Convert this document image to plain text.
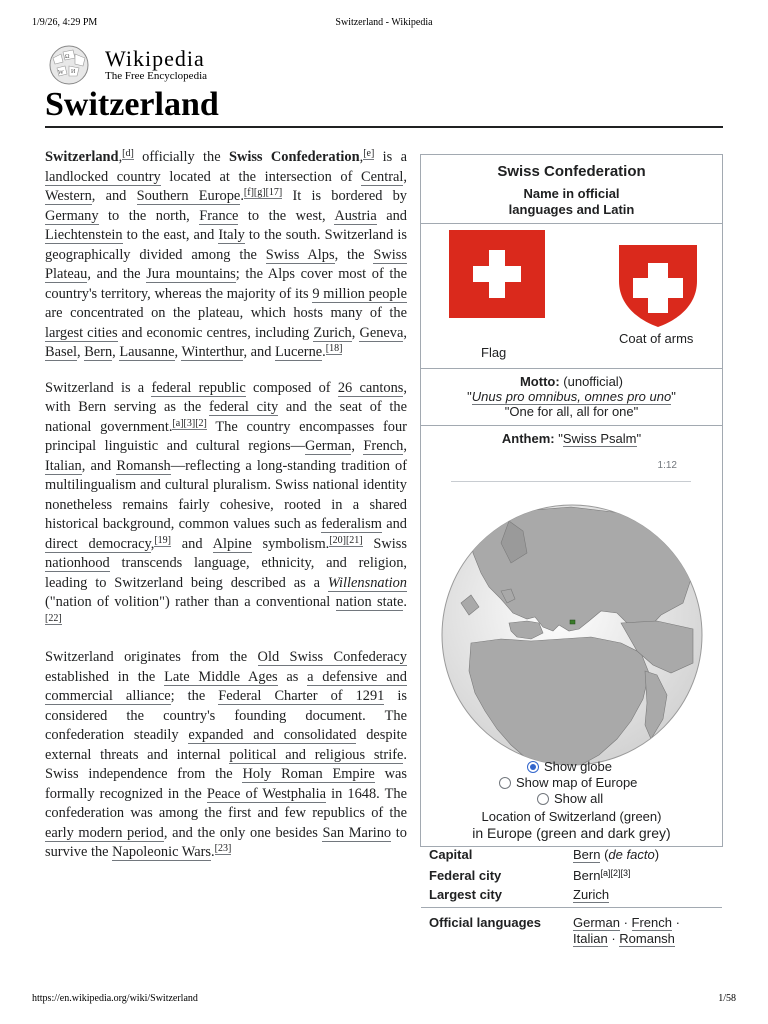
1/9/26, 4:29 PM	Switzerland - Wikipedia
Ω
W И
Wikipedia
The Free Encyclopedia
Switzerland

Switzerland,[d] officially the Swiss Confederation,[e] is a landlocked country located at the intersection of Central, Western, and Southern Europe.[f][g][17] It is bordered by Germany to the north, France to the west, Austria and Liechtenstein to the east, and Italy to the south. Switzerland is geographically divided among the Swiss Alps, the Swiss Plateau, and the Jura mountains; the Alps cover most of the country's territory, whereas the majority of its 9 million people are concentrated on the plateau, which hosts many of the largest cities and economic centres, including Zurich, Geneva, Basel, Bern, Lausanne, Winterthur, and Lucerne.[18]

Switzerland is a federal republic composed of 26 cantons, with Bern serving as the federal city and the seat of the national government.[a][3][2] The country encompasses four principal linguistic and cultural regions—German, French, Italian, and Romansh—reflecting a long-standing tradition of multilingualism and cultural pluralism. Swiss national identity nonetheless remains fairly cohesive, rooted in a shared historical background, common values such as federalism and direct democracy,[19] and Alpine symbolism.[20][21] Swiss nationhood transcends language, ethnicity, and religion, leading to Switzerland being described as a Willensnation ("nation of volition") rather than a conventional nation state.[22]

Switzerland originates from the Old Swiss Confederacy established in the Late Middle Ages as a defensive and commercial alliance; the Federal Charter of 1291 is considered the country's founding document. The confederation steadily expanded and consolidated despite external threats and internal political and religious strife. Swiss independence from the Holy Roman Empire was formally recognized in the Peace of Westphalia in 1648. The confederation was among the first and few republics of the early modern period, and the only one besides San Marino to survive the Napoleonic Wars.[23]

Swiss Confederation
Name in official
languages and Latin
Flag
Coat of arms
Motto: (unofficial)
"Unus pro omnibus, omnes pro uno"
"One for all, all for one"
Anthem: "Swiss Psalm"
1:12
Show globe
Show map of Europe
Show all
Location of Switzerland (green)
in Europe (green and dark grey)
Capital	Bern (de facto)
Federal city	Bern[a][2][3]
Largest city	Zurich
Official languages German · French ·
Italian · Romansh
https://en.wikipedia.org/wiki/Switzerland	1/58
